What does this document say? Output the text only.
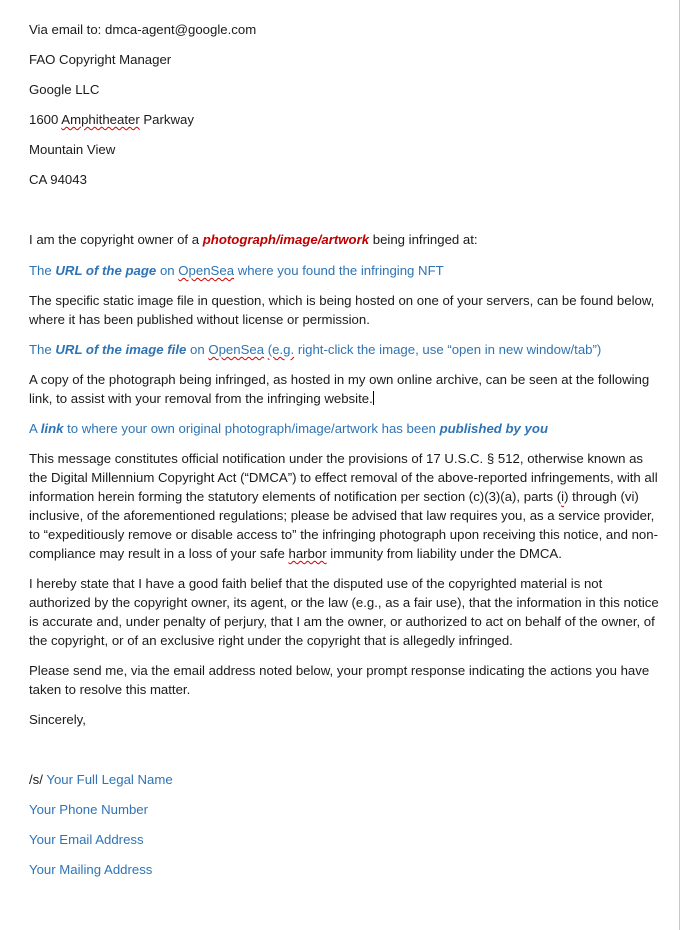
Via email to: dmca-agent@google.com

FAO Copyright Manager

Google LLC

1600 Amphitheater Parkway

Mountain View

CA 94043

I am the copyright owner of a photograph/image/artwork being infringed at:

The URL of the page on OpenSea where you found the infringing NFT

The specific static image file in question, which is being hosted on one of your servers, can be found below, where it has been published without license or permission.

The URL of the image file on OpenSea (e.g. right-click the image, use “open in new window/tab”)

A copy of the photograph being infringed, as hosted in my own online archive, can be seen at the following link, to assist with your removal from the infringing website.

A link to where your own original photograph/image/artwork has been published by you

This message constitutes official notification under the provisions of 17 U.S.C. § 512, otherwise known as the Digital Millennium Copyright Act (“DMCA”) to effect removal of the above-reported infringements, with all information herein forming the statutory elements of notification per section (c)(3)(a), parts (i) through (vi) inclusive, of the aforementioned regulations; please be advised that law requires you, as a service provider, to “expeditiously remove or disable access to” the infringing photograph upon receiving this notice, and non-compliance may result in a loss of your safe harbor immunity from liability under the DMCA.

I hereby state that I have a good faith belief that the disputed use of the copyrighted material is not authorized by the copyright owner, its agent, or the law (e.g., as a fair use), that the information in this notice is accurate and, under penalty of perjury, that I am the owner, or authorized to act on behalf of the owner, of the copyright, or of an exclusive right under the copyright that is allegedly infringed.

Please send me, via the email address noted below, your prompt response indicating the actions you have taken to resolve this matter.

Sincerely,

/s/ Your Full Legal Name

Your Phone Number

Your Email Address

Your Mailing Address
